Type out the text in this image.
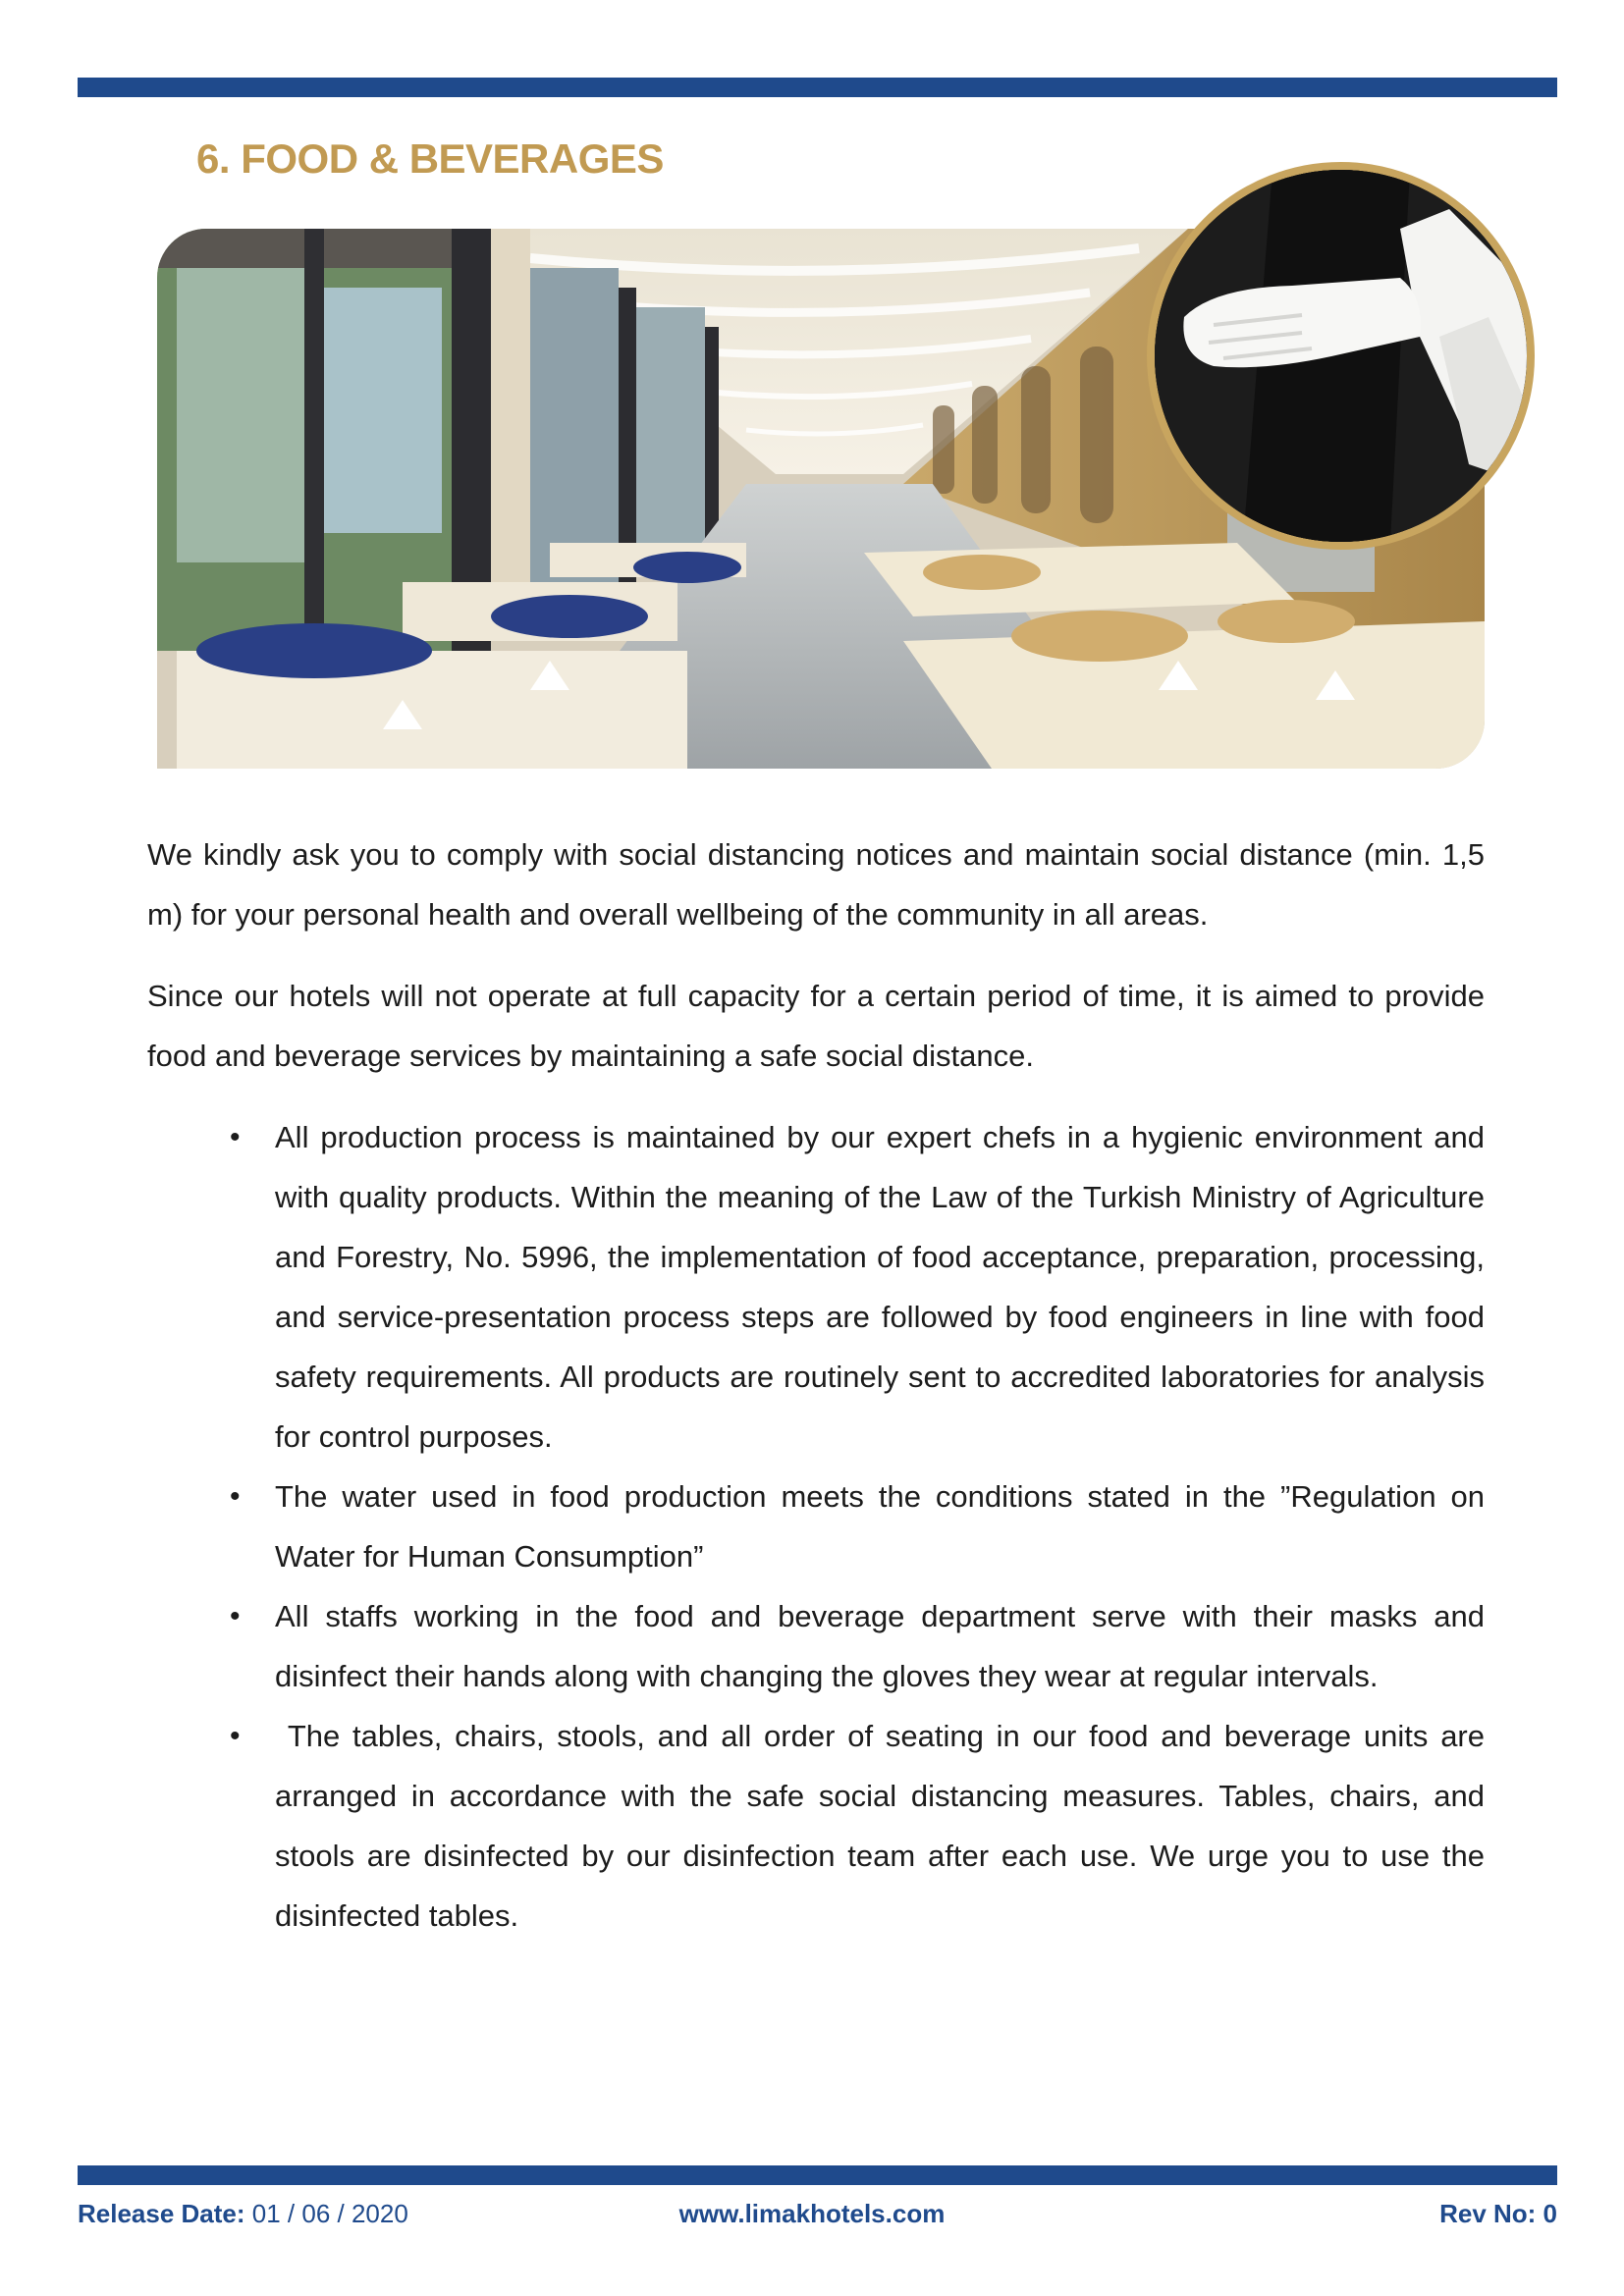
6. FOOD & BEVERAGES

We kindly ask you to comply with social distancing notices and maintain social distance (min. 1,5 m) for your personal health and overall wellbeing of the community in all areas.

Since our hotels will not operate at full capacity for a certain period of time, it is aimed to provide food and beverage services by maintaining a safe social distance.

• All production process is maintained by our expert chefs in a hygienic environment and with quality products. Within the meaning of the Law of the Turkish Ministry of Agriculture and Forestry, No. 5996, the implementation of food acceptance, preparation, processing, and service-presentation process steps are followed by food engineers in line with food safety requirements. All products are routinely sent to accredited laboratories for analysis for control purposes.
• The water used in food production meets the conditions stated in the ”Regulation on Water for Human Consumption”
• All staffs working in the food and beverage department serve with their masks and disinfect their hands along with changing the gloves they wear at regular intervals.
• The tables, chairs, stools, and all order of seating in our food and beverage units are arranged in accordance with the safe social distancing measures. Tables, chairs, and stools are disinfected by our disinfection team after each use. We urge you to use the disinfected tables.
Release Date: 01 / 06 / 2020	www.limakhotels.com	Rev No: 0
